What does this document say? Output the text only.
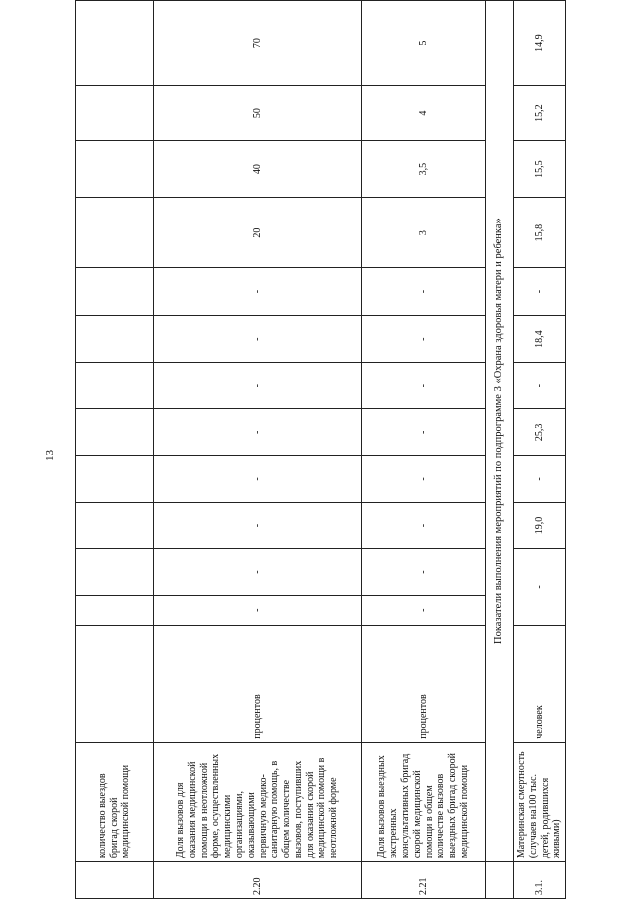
13
	количество выездов бригад скорой медицинской помощи													
2.20	Доля вызовов для оказания медицинской помощи в неотложной форме, осуществленных медицинскими организациями, оказывающими первичную медико-санитарную помощь, в общем количестве вызовов, поступивших для оказания скорой медицинской помощи в неотложной форме	процентов	-	-	-	-	-	-	-	-	20	40	50	70
2.21	Доля вызовов выездных экстренных консультативных бригад скорой медицинской помощи в общем количестве вызовов выездных бригад скорой медицинской помощи	процентов	-	-	-	-	-	-	-	-	3	3,5	4	5
	Показатели выполнения мероприятий по подпрограмме 3 «Охрана здоровья матери и ребенка»													
3.1.	Материнская смертность (случаев на100 тыс. детей, родившихся живыми)	человек	-		19,0	-	25,3	-	18,4	-	15,8	15,5	15,2	14,9
